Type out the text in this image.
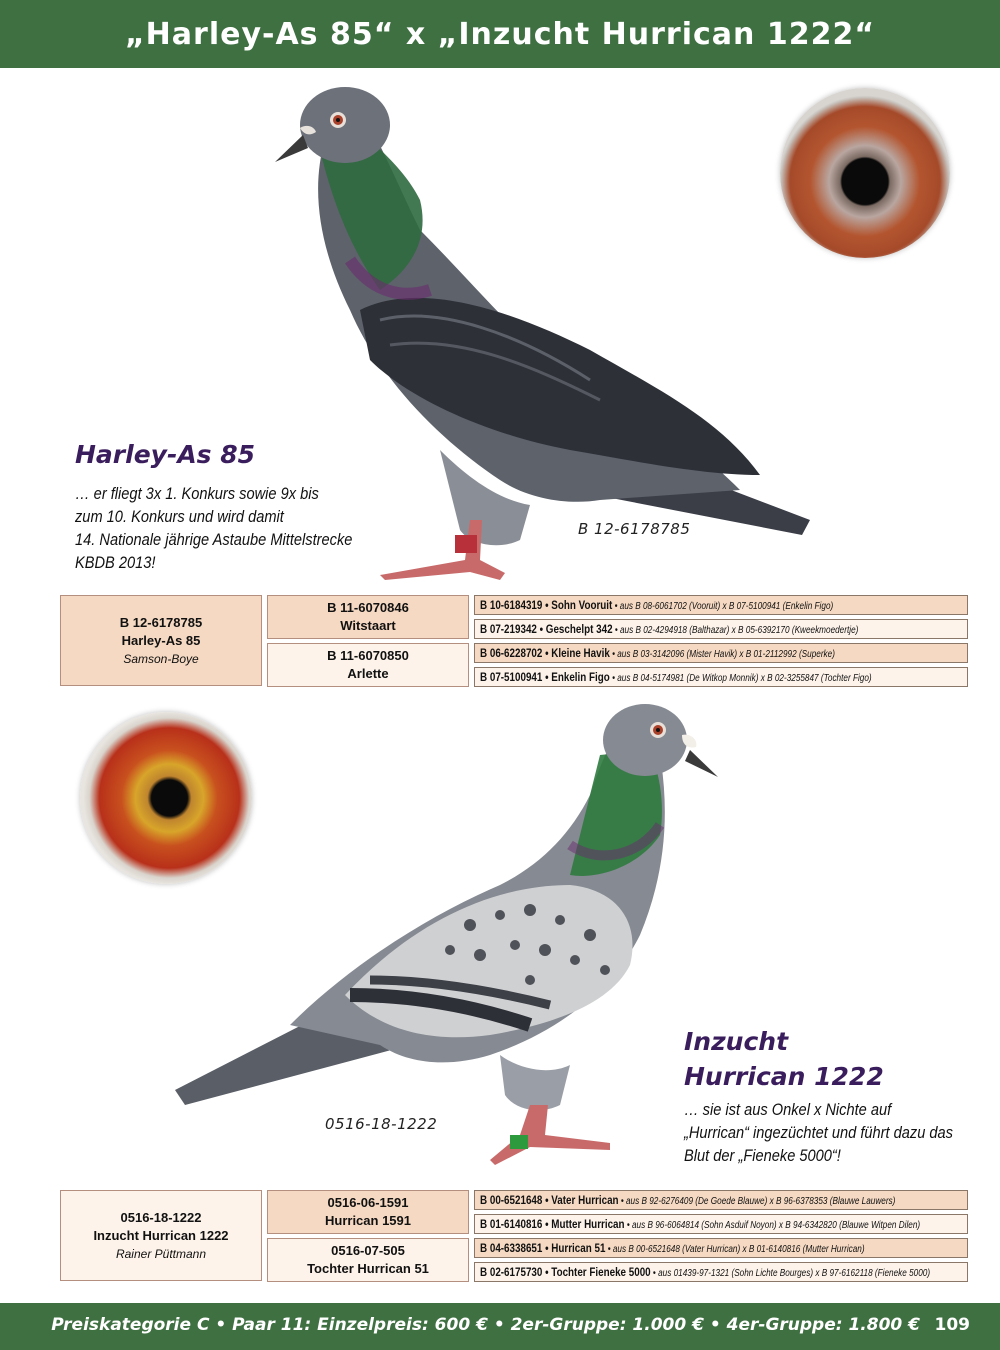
„Harley-As 85“ x „Inzucht Hurrican 1222“
Harley-As 85
… er fliegt 3x 1. Konkurs sowie 9x bis
zum 10. Konkurs und wird damit
14. Nationale jährige Astaube Mittelstrecke
KBDB 2013!
B 12-6178785
B 12-6178785
Harley-As 85
Samson-Boye
B 11-6070846
Witstaart
B 11-6070850
Arlette
B 10-6184319 • Sohn Vooruit • aus B 08-6061702 (Vooruit) x B 07-5100941 (Enkelin Figo)
B 07-219342 • Geschelpt 342 • aus B 02-4294918 (Balthazar) x B 05-6392170 (Kweekmoedertje)
B 06-6228702 • Kleine Havik • aus B 03-3142096 (Mister Havik) x B 01-2112992 (Superke)
B 07-5100941 • Enkelin Figo • aus B 04-5174981 (De Witkop Monnik) x B 02-3255847 (Tochter Figo)
Inzucht
Hurrican 1222
… sie ist aus Onkel x Nichte auf
„Hurrican“ ingezüchtet und führt dazu das
Blut der „Fieneke 5000“!
0516-18-1222
0516-18-1222
Inzucht Hurrican 1222
Rainer Püttmann
0516-06-1591
Hurrican 1591
0516-07-505
Tochter Hurrican 51
B 00-6521648 • Vater Hurrican • aus B 92-6276409 (De Goede Blauwe) x B 96-6378353 (Blauwe Lauwers)
B 01-6140816 • Mutter Hurrican • aus B 96-6064814 (Sohn Asduif Noyon) x B 94-6342820 (Blauwe Witpen Dilen)
B 04-6338651 • Hurrican 51 • aus B 00-6521648 (Vater Hurrican) x B 01-6140816 (Mutter Hurrican)
B 02-6175730 • Tochter Fieneke 5000 • aus 01439-97-1321 (Sohn Lichte Bourges) x B 97-6162118 (Fieneke 5000)
Preiskategorie C • Paar 11: Einzelpreis: 600 € • 2er-Gruppe: 1.000 € • 4er-Gruppe: 1.800 € 109
